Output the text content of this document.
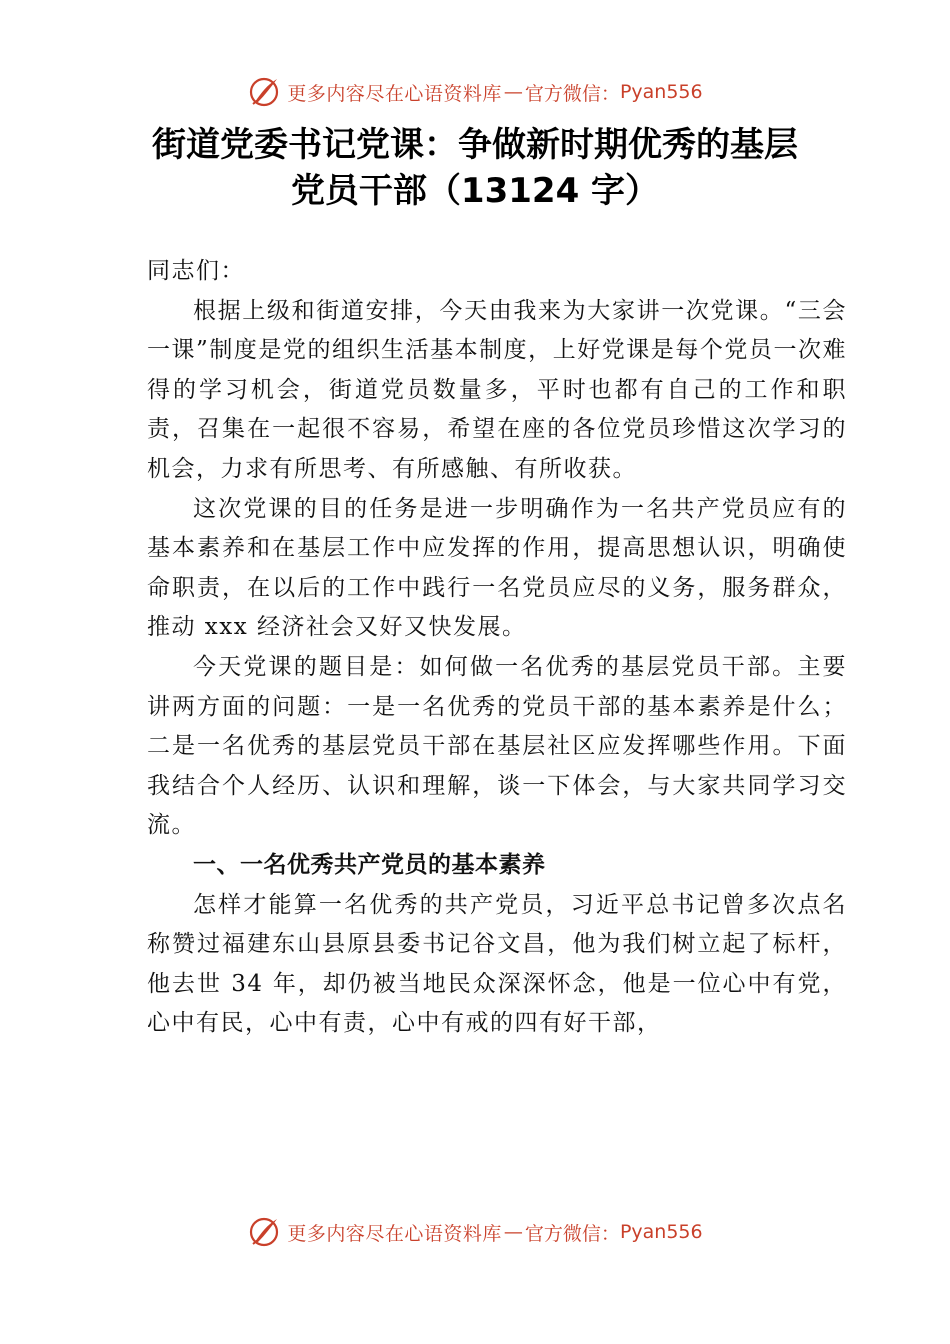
更多内容尽在心语资料库 — 官方微信： Pyan556
街道党委书记党课：争做新时期优秀的基层
党员干部（13124 字）

同志们：

根据上级和街道安排，今天由我来为大家讲一次党课。“三会一课”制度是党的组织生活基本制度，上好党课是每个党员一次难得的学习机会，街道党员数量多，平时也都有自己的工作和职责，召集在一起很不容易，希望在座的各位党员珍惜这次学习的机会，力求有所思考、有所感触、有所收获。

这次党课的目的任务是进一步明确作为一名共产党员应有的基本素养和在基层工作中应发挥的作用，提高思想认识，明确使命职责，在以后的工作中践行一名党员应尽的义务，服务群众，推动 xxx 经济社会又好又快发展。

今天党课的题目是：如何做一名优秀的基层党员干部。主要讲两方面的问题：一是一名优秀的党员干部的基本素养是什么；二是一名优秀的基层党员干部在基层社区应发挥哪些作用。下面我结合个人经历、认识和理解，谈一下体会，与大家共同学习交流。

一、一名优秀共产党员的基本素养

怎样才能算一名优秀的共产党员，习近平总书记曾多次点名称赞过福建东山县原县委书记谷文昌，他为我们树立起了标杆，他去世 34 年，却仍被当地民众深深怀念，他是一位心中有党，心中有民，心中有责，心中有戒的四有好干部，

更多内容尽在心语资料库 — 官方微信： Pyan556
